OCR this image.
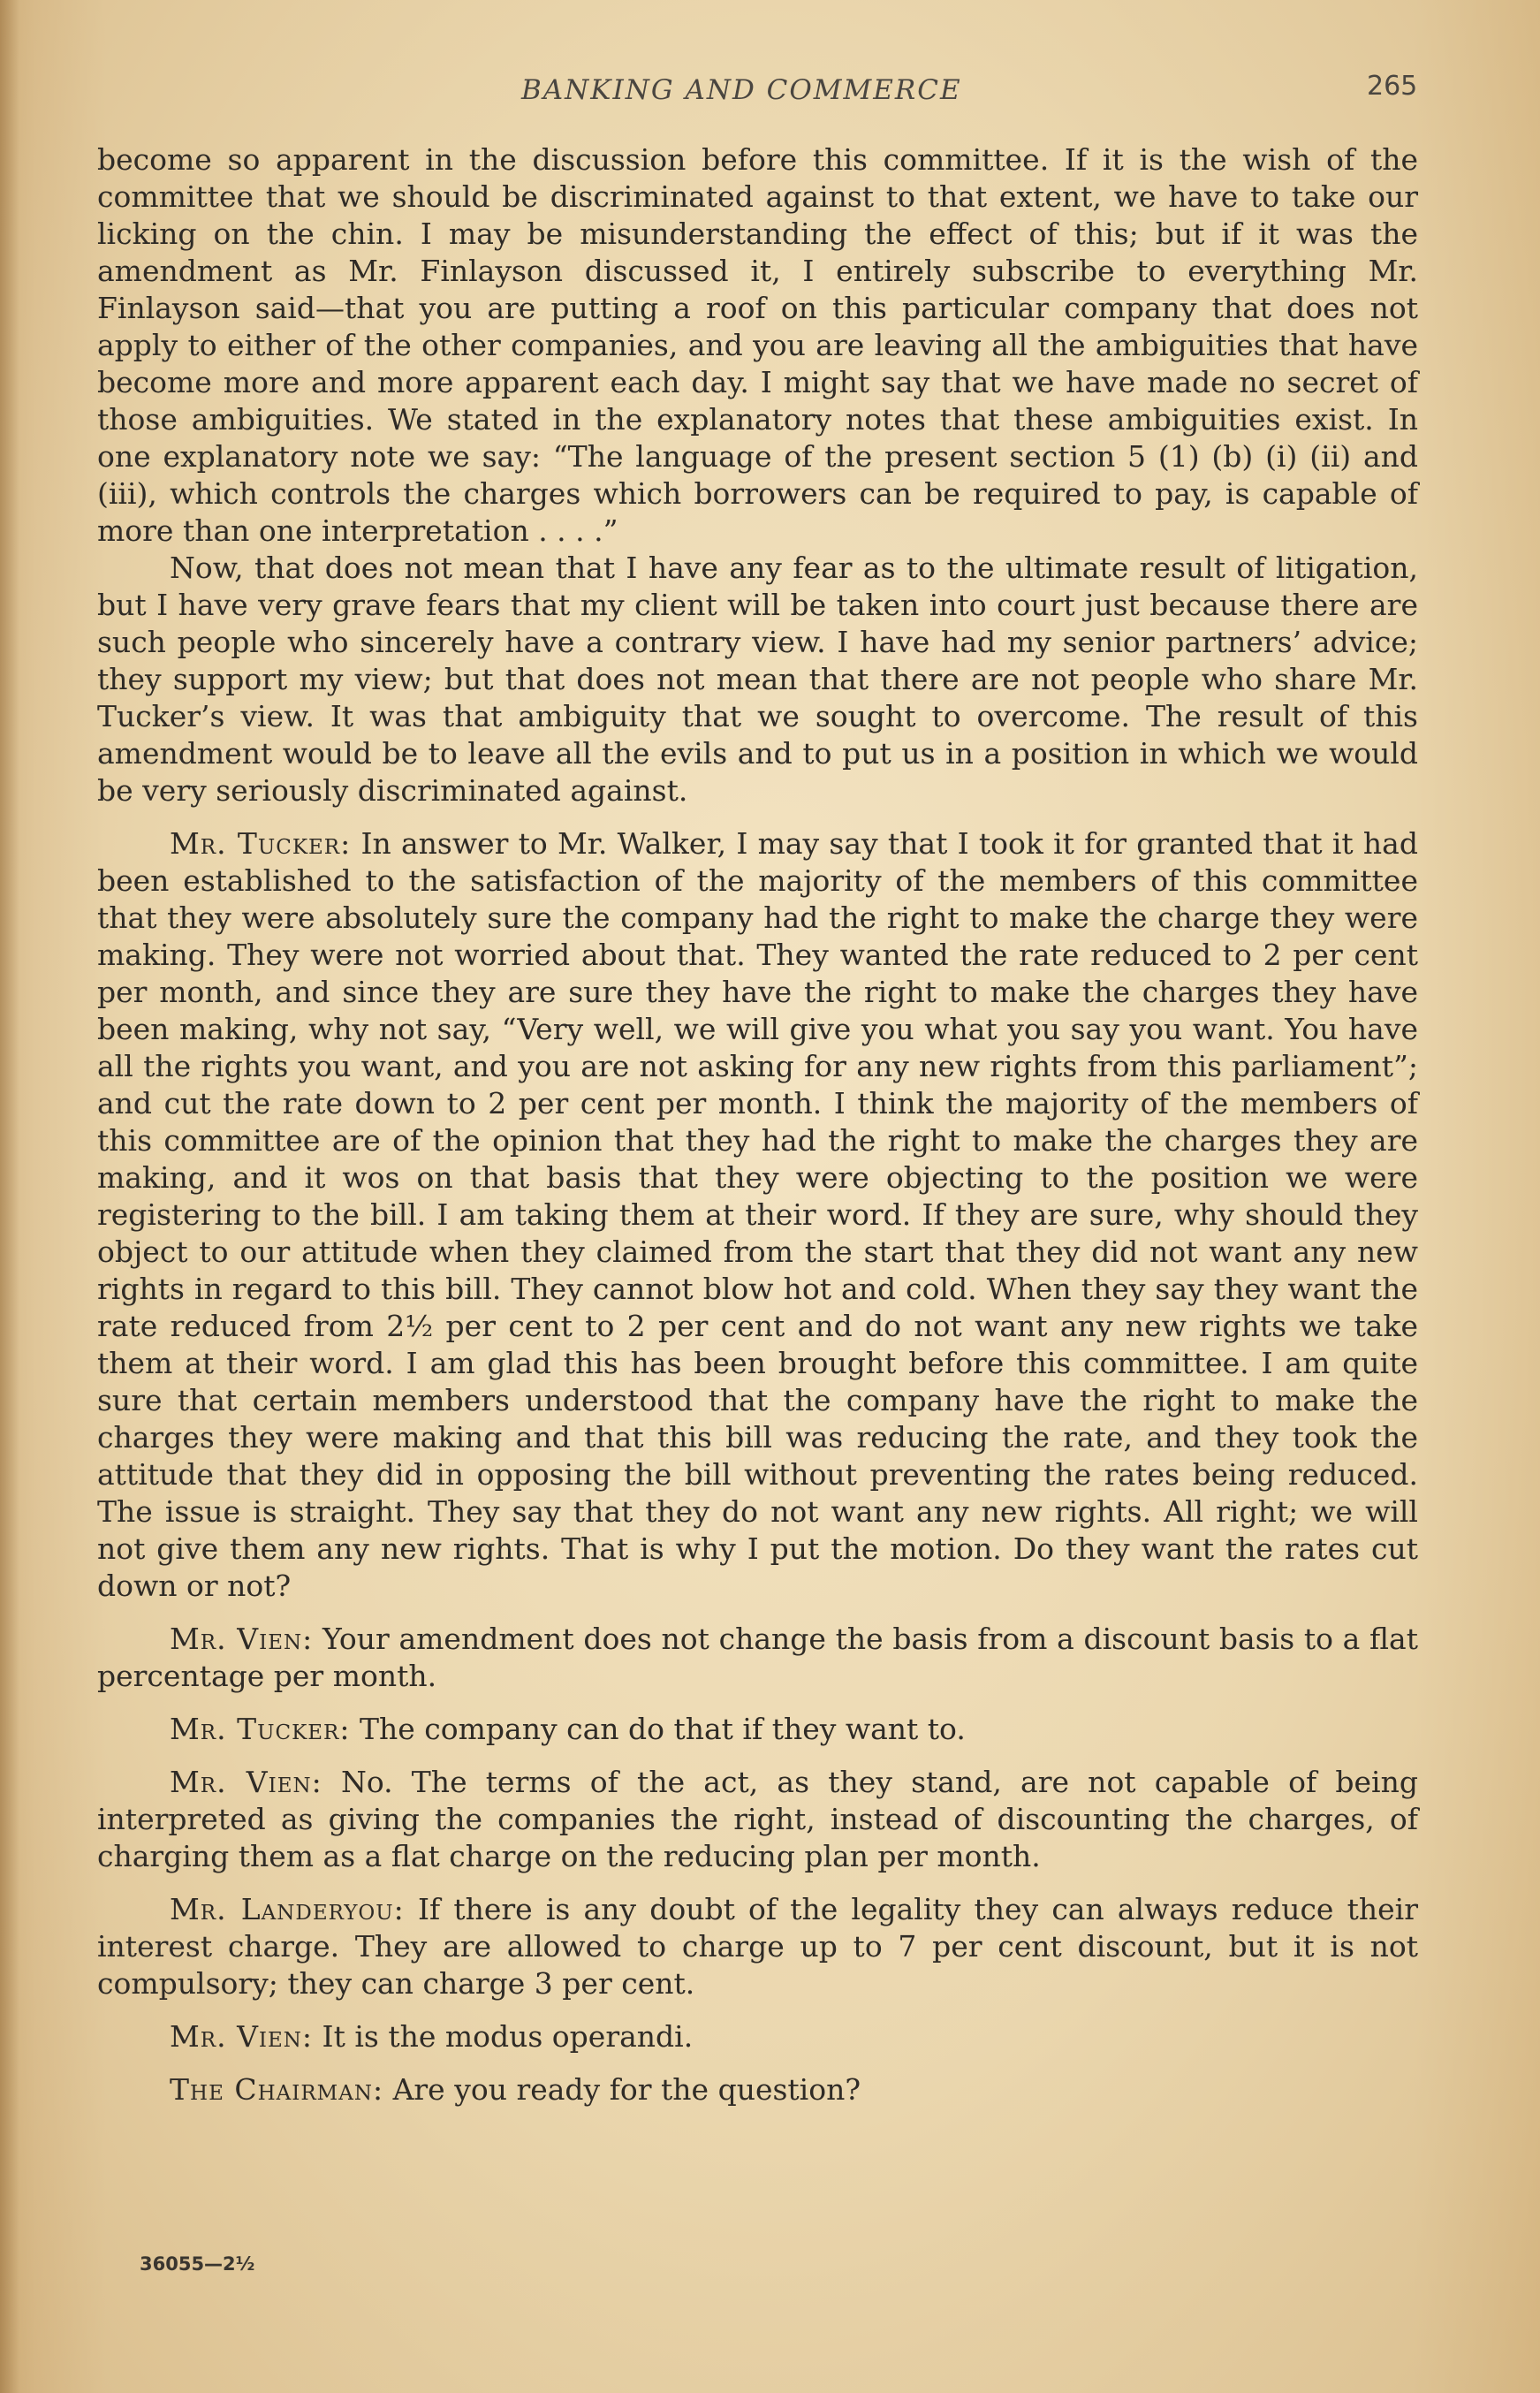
BANKING AND COMMERCE	265

become so apparent in the discussion before this committee. If it is the wish of the committee that we should be discriminated against to that extent, we have to take our licking on the chin. I may be misunderstanding the effect of this; but if it was the amendment as Mr. Finlayson discussed it, I entirely subscribe to everything Mr. Finlayson said—that you are putting a roof on this particular company that does not apply to either of the other companies, and you are leaving all the ambiguities that have become more and more apparent each day. I might say that we have made no secret of those ambiguities. We stated in the explanatory notes that these ambiguities exist. In one explanatory note we say: “The language of the present section 5 (1) (b) (i) (ii) and (iii), which controls the charges which borrowers can be required to pay, is capable of more than one interpretation . . . .”

Now, that does not mean that I have any fear as to the ultimate result of litigation, but I have very grave fears that my client will be taken into court just because there are such people who sincerely have a contrary view. I have had my senior partners’ advice; they support my view; but that does not mean that there are not people who share Mr. Tucker’s view. It was that ambiguity that we sought to overcome. The result of this amendment would be to leave all the evils and to put us in a position in which we would be very seriously discriminated against.

Mr. Tucker: In answer to Mr. Walker, I may say that I took it for granted that it had been established to the satisfaction of the majority of the members of this committee that they were absolutely sure the company had the right to make the charge they were making. They were not worried about that. They wanted the rate reduced to 2 per cent per month, and since they are sure they have the right to make the charges they have been making, why not say, “Very well, we will give you what you say you want. You have all the rights you want, and you are not asking for any new rights from this parliament”; and cut the rate down to 2 per cent per month. I think the majority of the members of this committee are of the opinion that they had the right to make the charges they are making, and it wos on that basis that they were objecting to the position we were registering to the bill. I am taking them at their word. If they are sure, why should they object to our attitude when they claimed from the start that they did not want any new rights in regard to this bill. They cannot blow hot and cold. When they say they want the rate reduced from 2½ per cent to 2 per cent and do not want any new rights we take them at their word. I am glad this has been brought before this committee. I am quite sure that certain members understood that the company have the right to make the charges they were making and that this bill was reducing the rate, and they took the attitude that they did in opposing the bill without preventing the rates being reduced. The issue is straight. They say that they do not want any new rights. All right; we will not give them any new rights. That is why I put the motion. Do they want the rates cut down or not?

Mr. Vien: Your amendment does not change the basis from a discount basis to a flat percentage per month.

Mr. Tucker: The company can do that if they want to.

Mr. Vien: No. The terms of the act, as they stand, are not capable of being interpreted as giving the companies the right, instead of discounting the charges, of charging them as a flat charge on the reducing plan per month.

Mr. Landeryou: If there is any doubt of the legality they can always reduce their interest charge. They are allowed to charge up to 7 per cent discount, but it is not compulsory; they can charge 3 per cent.

Mr. Vien: It is the modus operandi.

The Chairman: Are you ready for the question?

36055—2½
